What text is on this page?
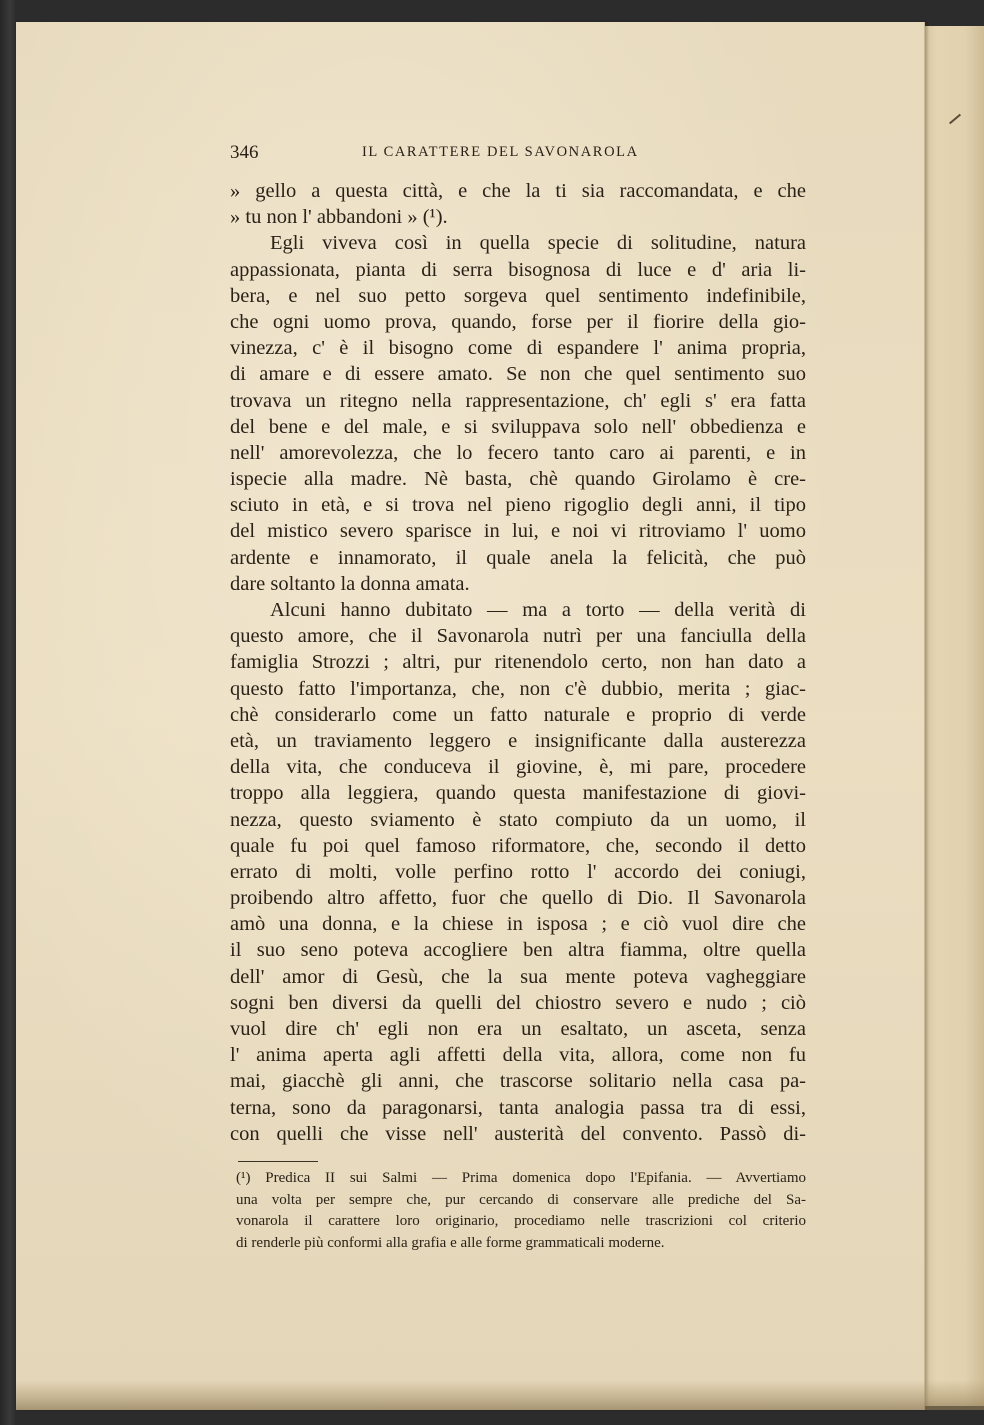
346	IL CARATTERE DEL SAVONAROLA
» gello a questa città, e che la ti sia raccomandata, e che
» tu non l' abbandoni » (¹).
Egli viveva così in quella specie di solitudine, natura
appassionata, pianta di serra bisognosa di luce e d' aria li-
bera, e nel suo petto sorgeva quel sentimento indefinibile,
che ogni uomo prova, quando, forse per il fiorire della gio-
vinezza, c' è il bisogno come di espandere l' anima propria,
di amare e di essere amato. Se non che quel sentimento suo
trovava un ritegno nella rappresentazione, ch' egli s' era fatta
del bene e del male, e si sviluppava solo nell' obbedienza e
nell' amorevolezza, che lo fecero tanto caro ai parenti, e in
ispecie alla madre. Nè basta, chè quando Girolamo è cre-
sciuto in età, e si trova nel pieno rigoglio degli anni, il tipo
del mistico severo sparisce in lui, e noi vi ritroviamo l' uomo
ardente e innamorato, il quale anela la felicità, che può
dare soltanto la donna amata.
Alcuni hanno dubitato — ma a torto — della verità di
questo amore, che il Savonarola nutrì per una fanciulla della
famiglia Strozzi ; altri, pur ritenendolo certo, non han dato a
questo fatto l'importanza, che, non c'è dubbio, merita ; giac-
chè considerarlo come un fatto naturale e proprio di verde
età, un traviamento leggero e insignificante dalla austerezza
della vita, che conduceva il giovine, è, mi pare, procedere
troppo alla leggiera, quando questa manifestazione di giovi-
nezza, questo sviamento è stato compiuto da un uomo, il
quale fu poi quel famoso riformatore, che, secondo il detto
errato di molti, volle perfino rotto l' accordo dei coniugi,
proibendo altro affetto, fuor che quello di Dio. Il Savonarola
amò una donna, e la chiese in isposa ; e ciò vuol dire che
il suo seno poteva accogliere ben altra fiamma, oltre quella
dell' amor di Gesù, che la sua mente poteva vagheggiare
sogni ben diversi da quelli del chiostro severo e nudo ; ciò
vuol dire ch' egli non era un esaltato, un asceta, senza
l' anima aperta agli affetti della vita, allora, come non fu
mai, giacchè gli anni, che trascorse solitario nella casa pa-
terna, sono da paragonarsi, tanta analogia passa tra di essi,
con quelli che visse nell' austerità del convento. Passò di-
(¹) Predica II sui Salmi — Prima domenica dopo l'Epifania. — Avvertiamo
una volta per sempre che, pur cercando di conservare alle prediche del Sa-
vonarola il carattere loro originario, procediamo nelle trascrizioni col criterio
di renderle più conformi alla grafia e alle forme grammaticali moderne.
